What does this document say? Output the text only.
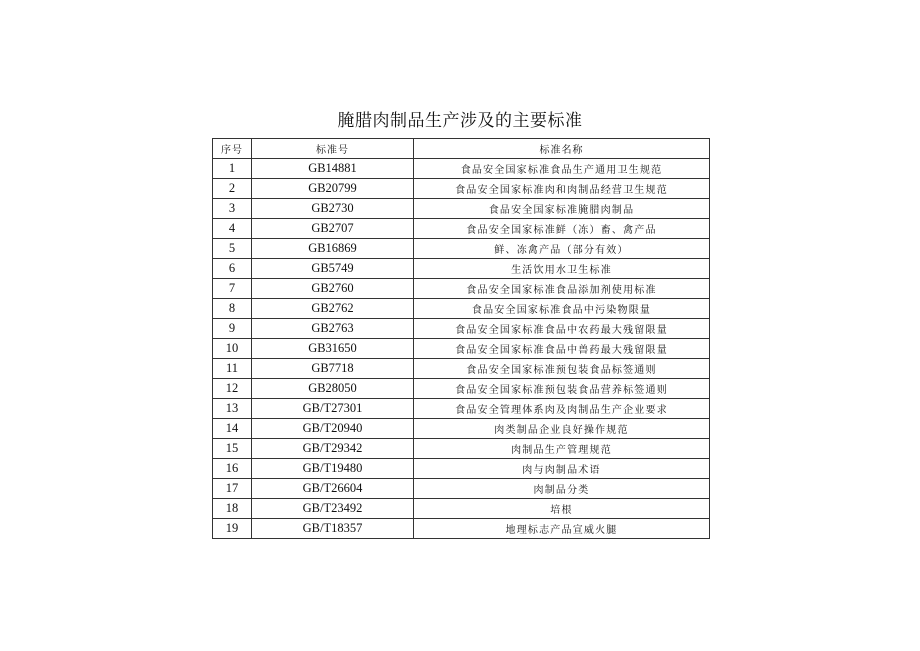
腌腊肉制品生产涉及的主要标准
序号	标准号	标准名称
1	GB14881	食品安全国家标准食品生产通用卫生规范
2	GB20799	食品安全国家标准肉和肉制品经营卫生规范
3	GB2730	食品安全国家标准腌腊肉制品
4	GB2707	食品安全国家标准鲜（冻）畜、禽产品
5	GB16869	鲜、冻禽产品（部分有效）
6	GB5749	生活饮用水卫生标准
7	GB2760	食品安全国家标准食品添加剂使用标准
8	GB2762	食品安全国家标准食品中污染物限量
9	GB2763	食品安全国家标准食品中农药最大残留限量
10	GB31650	食品安全国家标准食品中兽药最大残留限量
11	GB7718	食品安全国家标准预包装食品标签通则
12	GB28050	食品安全国家标准预包装食品营养标签通则
13	GB/T27301	食品安全管理体系肉及肉制品生产企业要求
14	GB/T20940	肉类制品企业良好操作规范
15	GB/T29342	肉制品生产管理规范
16	GB/T19480	肉与肉制品术语
17	GB/T26604	肉制品分类
18	GB/T23492	培根
19	GB/T18357	地理标志产品宣威火腿
